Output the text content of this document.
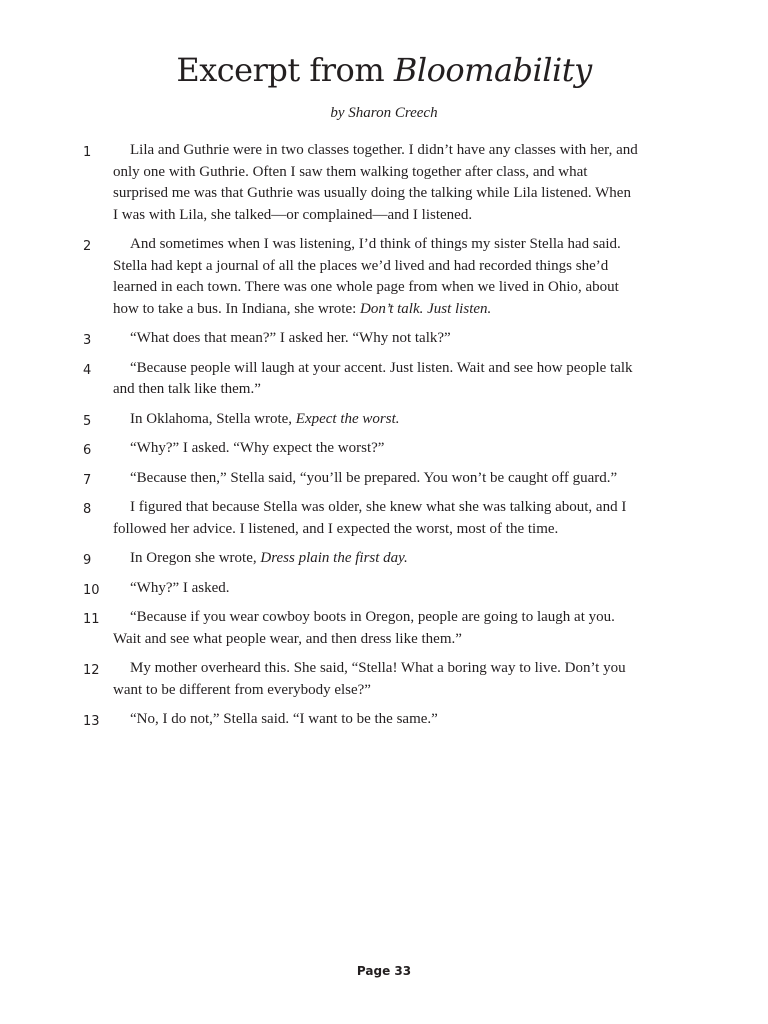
Excerpt from Bloomability
by Sharon Creech
1	Lila and Guthrie were in two classes together. I didn’t have any classes with her, and only one with Guthrie. Often I saw them walking together after class, and what surprised me was that Guthrie was usually doing the talking while Lila listened. When I was with Lila, she talked—or complained—and I listened.
2	And sometimes when I was listening, I’d think of things my sister Stella had said. Stella had kept a journal of all the places we’d lived and had recorded things she’d learned in each town. There was one whole page from when we lived in Ohio, about how to take a bus. In Indiana, she wrote: Don’t talk. Just listen.
3	“What does that mean?” I asked her. “Why not talk?”
4	“Because people will laugh at your accent. Just listen. Wait and see how people talk and then talk like them.”
5	In Oklahoma, Stella wrote, Expect the worst.
6	“Why?” I asked. “Why expect the worst?”
7	“Because then,” Stella said, “you’ll be prepared. You won’t be caught off guard.”
8	I figured that because Stella was older, she knew what she was talking about, and I followed her advice. I listened, and I expected the worst, most of the time.
9	In Oregon she wrote, Dress plain the first day.
10	“Why?” I asked.
11	“Because if you wear cowboy boots in Oregon, people are going to laugh at you. Wait and see what people wear, and then dress like them.”
12	My mother overheard this. She said, “Stella! What a boring way to live. Don’t you want to be different from everybody else?”
13	“No, I do not,” Stella said. “I want to be the same.”
Page 33
